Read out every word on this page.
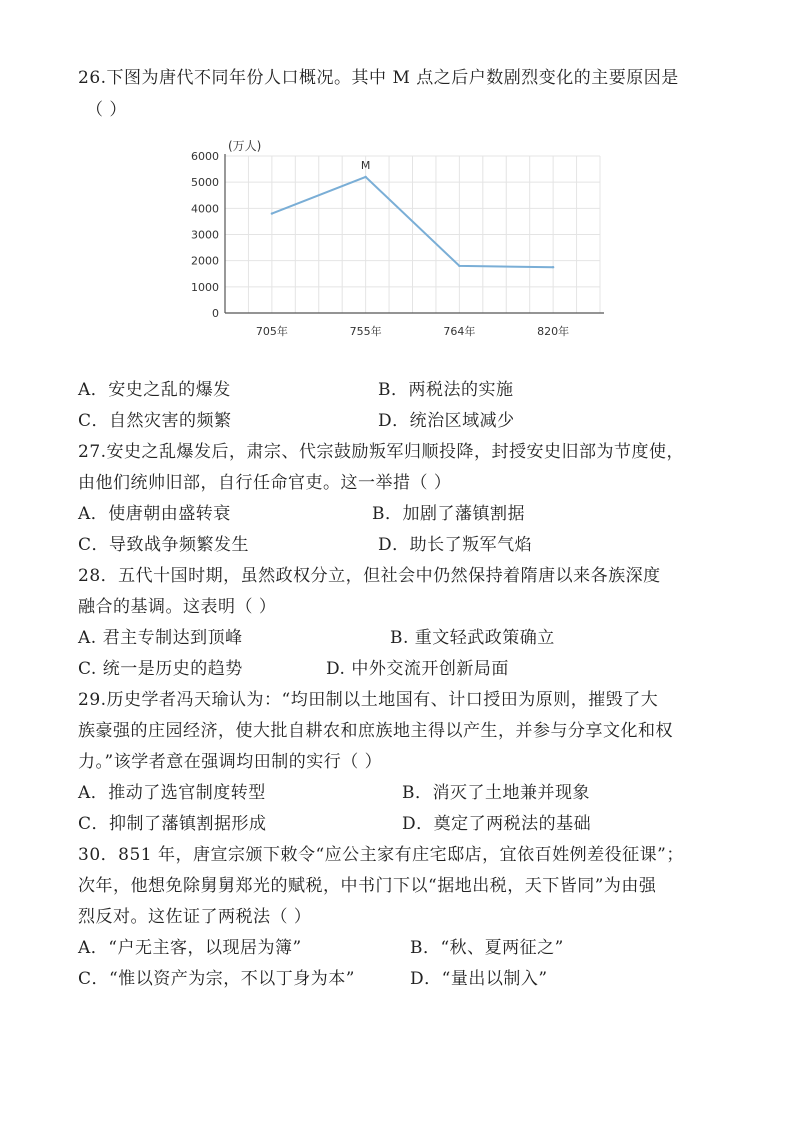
26.下图为唐代不同年份人口概况。其中 M 点之后户数剧烈变化的主要原因是
（ ）
(万人)
0
1000
2000
3000
4000
5000
6000
705年	755年	764年	820年
M
A．安史之乱的爆发	B．两税法的实施
C．自然灾害的频繁	D．统治区域减少
27.安史之乱爆发后，肃宗、代宗鼓励叛军归顺投降，封授安史旧部为节度使，
由他们统帅旧部，自行任命官吏。这一举措（ ）
A．使唐朝由盛转衰	B．加剧了藩镇割据
C．导致战争频繁发生	D．助长了叛军气焰
28．五代十国时期，虽然政权分立，但社会中仍然保持着隋唐以来各族深度
融合的基调。这表明（ ）
A. 君主专制达到顶峰	B. 重文轻武政策确立
C. 统一是历史的趋势	D. 中外交流开创新局面
29.历史学者冯天瑜认为：“均田制以土地国有、计口授田为原则，摧毁了大
族豪强的庄园经济，使大批自耕农和庶族地主得以产生，并参与分享文化和权
力。”该学者意在强调均田制的实行（ ）
A．推动了选官制度转型	B．消灭了土地兼并现象
C．抑制了藩镇割据形成	D．奠定了两税法的基础
30．851 年，唐宣宗颁下敕令“应公主家有庄宅邸店，宜依百姓例差役征课”；
次年，他想免除舅舅郑光的赋税，中书门下以“据地出税，天下皆同”为由强
烈反对。这佐证了两税法（ ）
A．“户无主客，以现居为簿”	B．“秋、夏两征之”
C．“惟以资产为宗，不以丁身为本”	D．“量出以制入”
